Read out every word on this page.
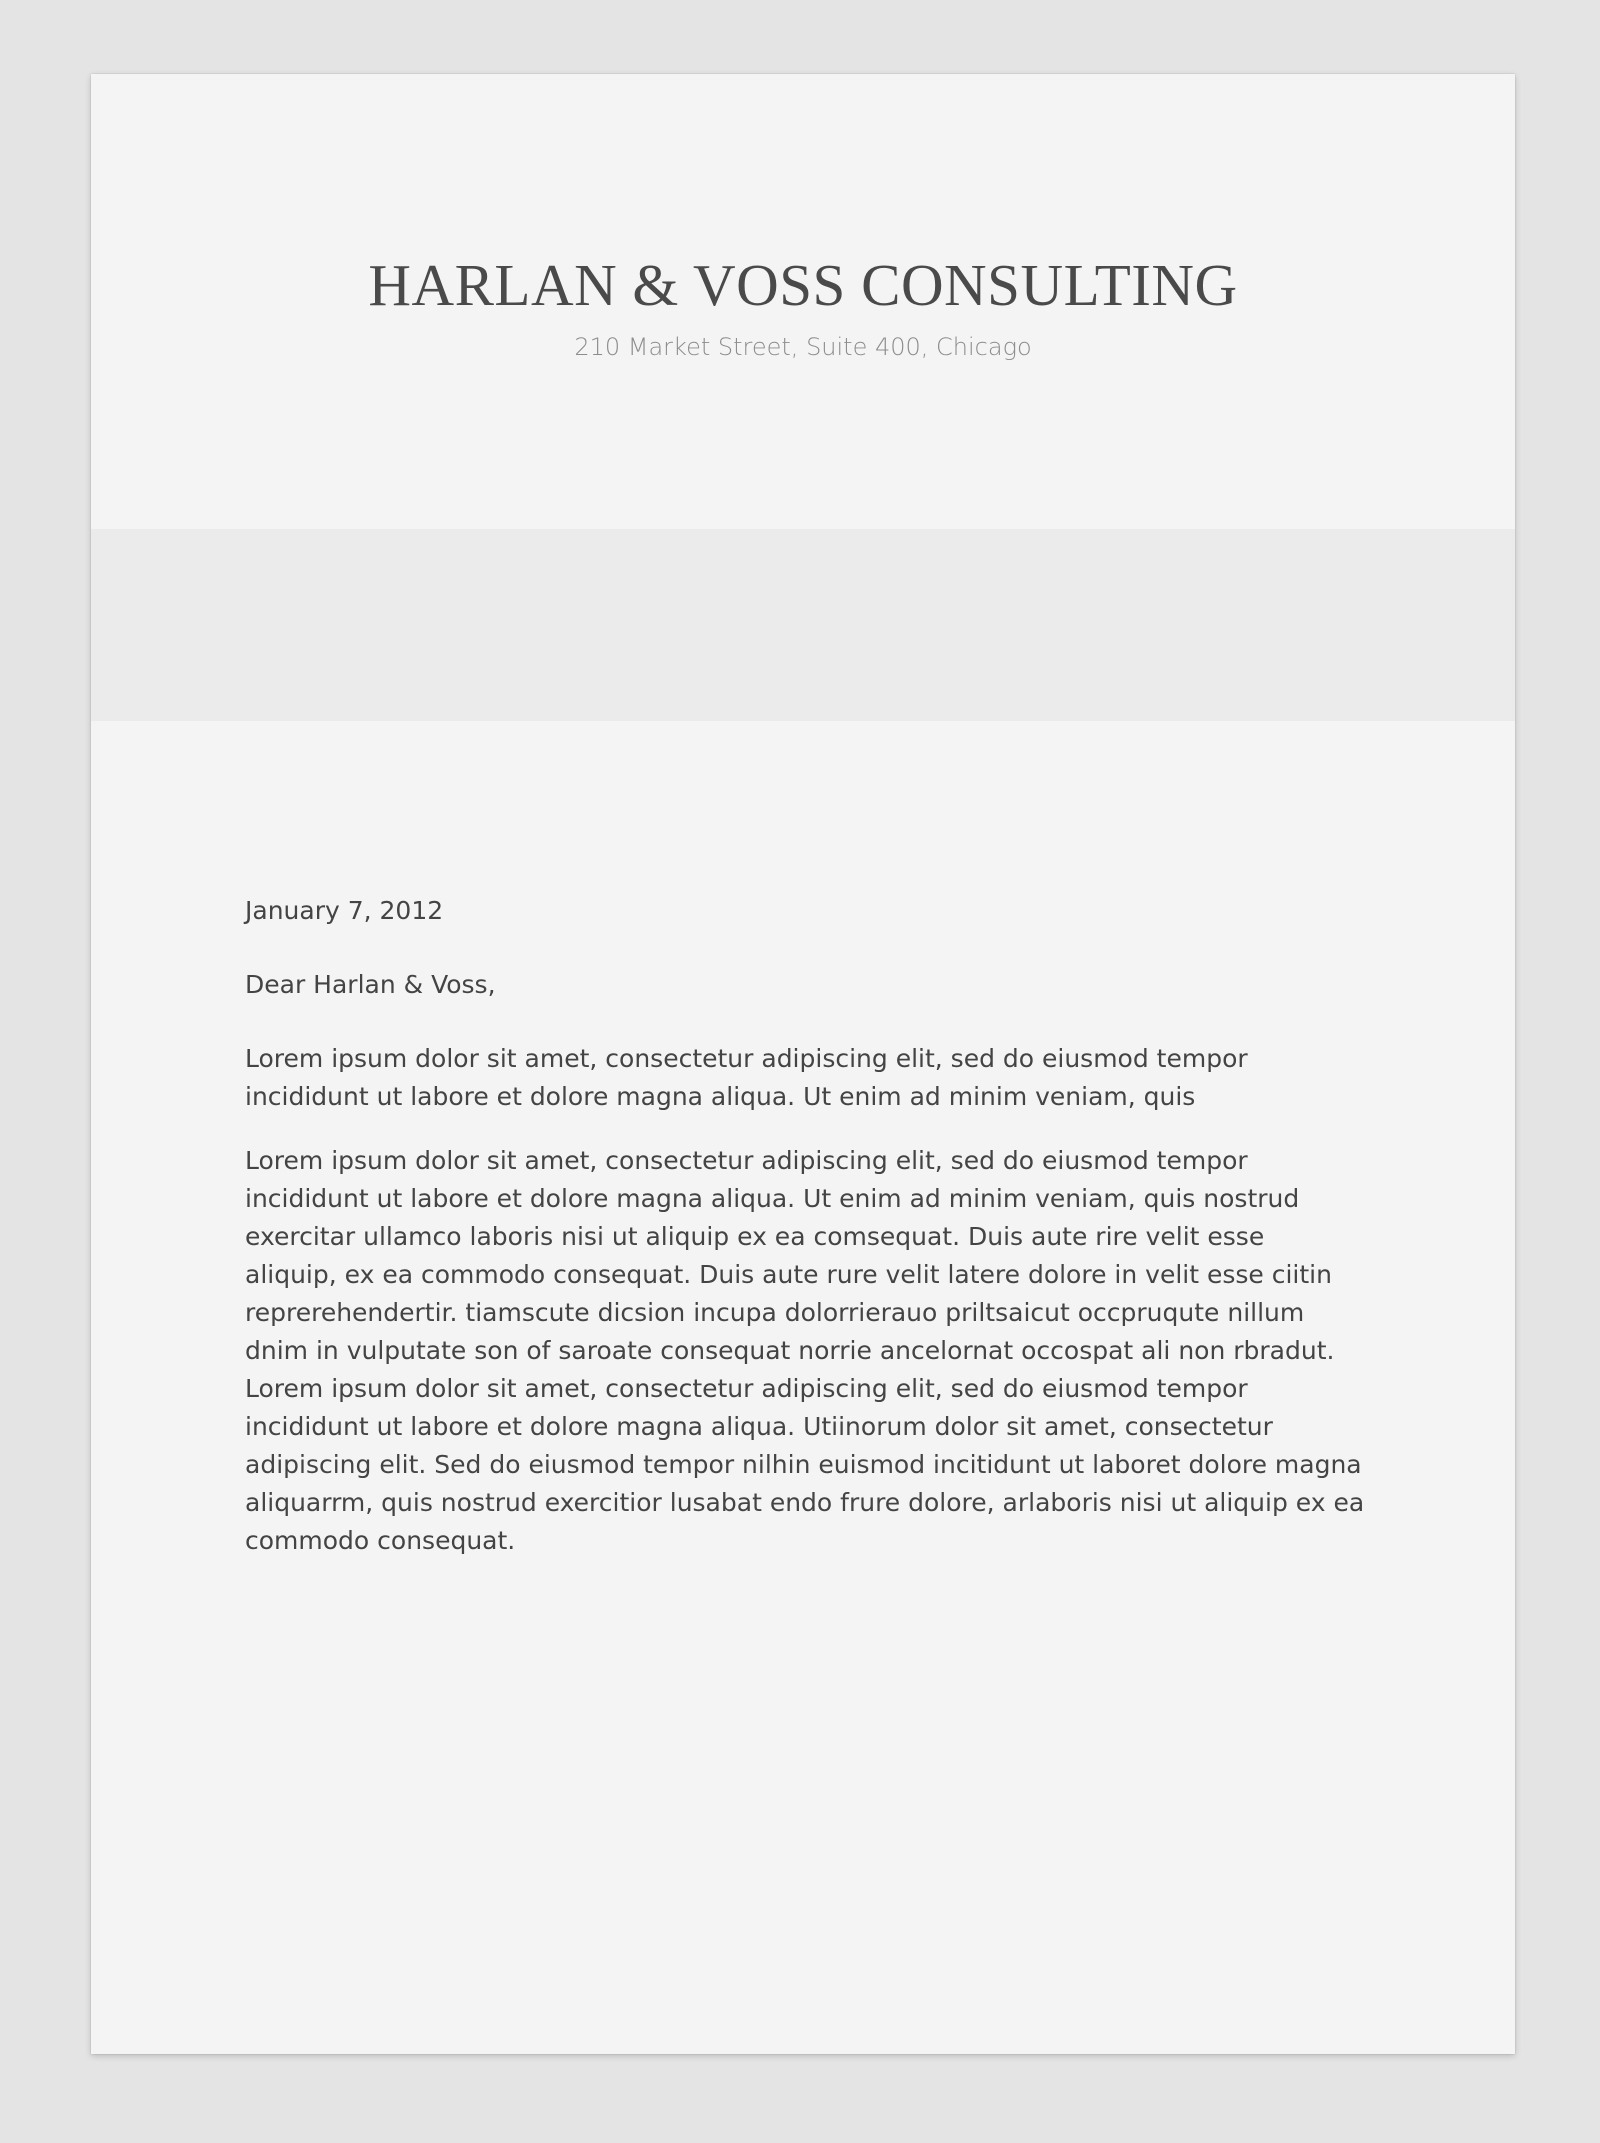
HARLAN & VOSS CONSULTING
210 Market Street, Suite 400, Chicago

January 7, 2012

Dear Harlan & Voss,

Lorem ipsum dolor sit amet, consectetur adipiscing elit, sed do eiusmod tempor
incididunt ut labore et dolore magna aliqua. Ut enim ad minim veniam, quis

Lorem ipsum dolor sit amet, consectetur adipiscing elit, sed do eiusmod tempor
incididunt ut labore et dolore magna aliqua. Ut enim ad minim veniam, quis nostrud
exercitar ullamco laboris nisi ut aliquip ex ea comsequat. Duis aute rire velit esse
aliquip, ex ea commodo consequat. Duis aute rure velit latere dolore in velit esse ciitin
reprerehendertir. tiamscute dicsion incupa dolorrierauo priltsaicut occpruqute nillum
dnim in vulputate son of saroate consequat norrie ancelornat occospat ali non rbradut.
Lorem ipsum dolor sit amet, consectetur adipiscing elit, sed do eiusmod tempor
incididunt ut labore et dolore magna aliqua. Utiinorum dolor sit amet, consectetur
adipiscing elit. Sed do eiusmod tempor nilhin euismod incitidunt ut laboret dolore magna
aliquarrm, quis nostrud exercitior lusabat endo frure dolore, arlaboris nisi ut aliquip ex ea
commodo consequat.
